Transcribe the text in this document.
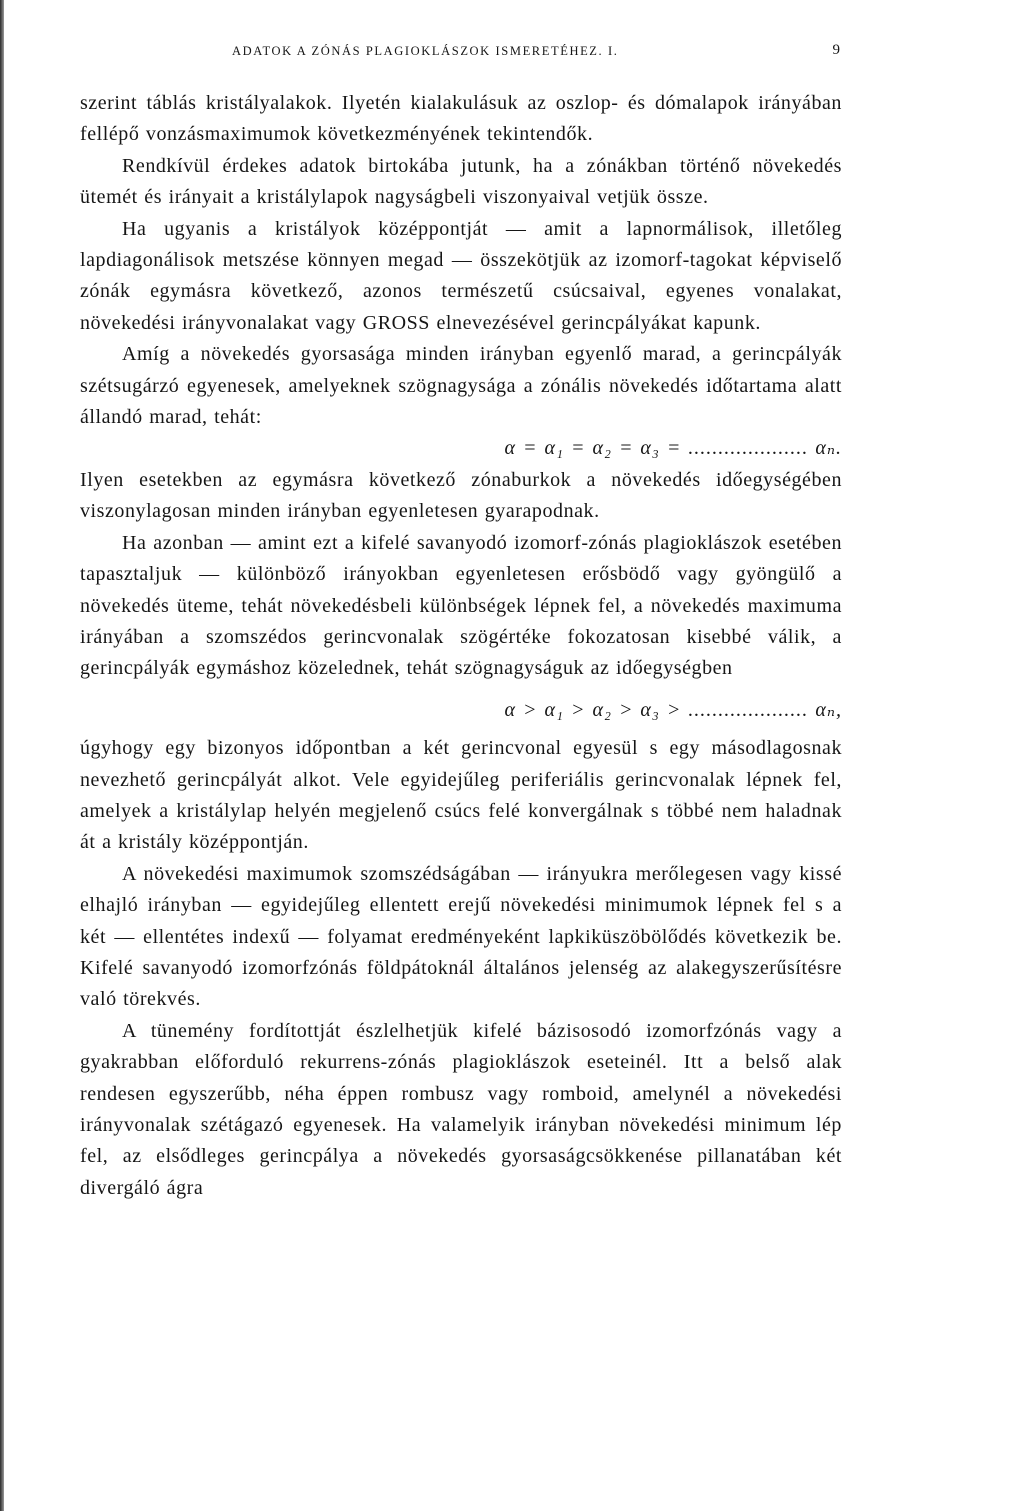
ADATOK A ZÓNÁS PLAGIOKLÁSZOK ISMERETÉHEZ. I.	9

szerint táblás kristályalakok. Ilyetén kialakulásuk az oszlop- és dómalapok irányában fellépő vonzásmaximumok következményének tekintendők.

Rendkívül érdekes adatok birtokába jutunk, ha a zónákban történő növekedés ütemét és irányait a kristálylapok nagyságbeli viszonyaival vetjük össze.

Ha ugyanis a kristályok középpontját — amit a lapnormálisok, illetőleg lapdiagonálisok metszése könnyen megad — összekötjük az izomorf-tagokat képviselő zónák egymásra következő, azonos természetű csúcsaival, egyenes vonalakat, növekedési irányvonalakat vagy GROSS elnevezésével gerincpályákat kapunk.

Amíg a növekedés gyorsasága minden irányban egyenlő marad, a gerincpályák szétsugárzó egyenesek, amelyeknek szögnagysága a zónális növekedés időtartama alatt állandó marad, tehát:

α = α₁ = α₂ = α₃ = .................... αₙ.

Ilyen esetekben az egymásra következő zónaburkok a növekedés időegységében viszonylagosan minden irányban egyenletesen gyarapodnak.

Ha azonban — amint ezt a kifelé savanyodó izomorf-zónás plagioklászok esetében tapasztaljuk — különböző irányokban egyenletesen erősbödő vagy gyöngülő a növekedés üteme, tehát növekedésbeli különbségek lépnek fel, a növekedés maximuma irányában a szomszédos gerincvonalak szögértéke fokozatosan kisebbé válik, a gerincpályák egymáshoz közelednek, tehát szögnagyságuk az időegységben

α > α₁ > α₂ > α₃ > .................... αₙ,

úgyhogy egy bizonyos időpontban a két gerincvonal egyesül s egy másodlagosnak nevezhető gerincpályát alkot. Vele egyidejűleg periferiális gerincvonalak lépnek fel, amelyek a kristálylap helyén megjelenő csúcs felé konvergálnak s többé nem haladnak át a kristály középpontján.

A növekedési maximumok szomszédságában — irányukra merőlegesen vagy kissé elhajló irányban — egyidejűleg ellentett erejű növekedési minimumok lépnek fel s a két — ellentétes indexű — folyamat eredményeként lapkiküszöbölődés következik be. Kifelé savanyodó izomorfzónás földpátoknál általános jelenség az alakegyszerűsítésre való törekvés.

A tünemény fordítottját észlelhetjük kifelé bázisosodó izomorfzónás vagy a gyakrabban előforduló rekurrens-zónás plagioklászok eseteinél. Itt a belső alak rendesen egyszerűbb, néha éppen rombusz vagy romboid, amelynél a növekedési irányvonalak szétágazó egyenesek. Ha valamelyik irányban növekedési minimum lép fel, az elsődleges gerincpálya a növekedés gyorsaságcsökkenése pillanatában két divergáló ágra
